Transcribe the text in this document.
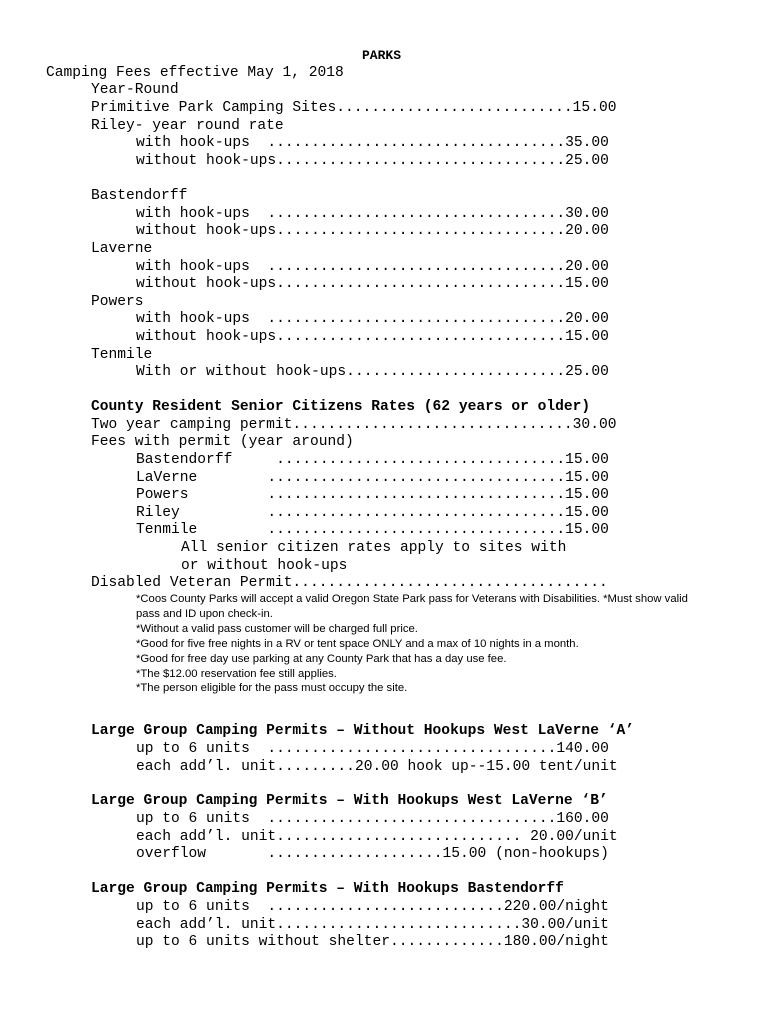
PARKS
Camping Fees effective May 1, 2018
Year-Round
Primitive Park Camping Sites...........................15.00
Riley- year round rate
with hook-ups  ..................................35.00
without hook-ups.................................25.00
Bastendorff
with hook-ups  ..................................30.00
without hook-ups.................................20.00
Laverne
with hook-ups  ..................................20.00
without hook-ups.................................15.00
Powers
with hook-ups  ..................................20.00
without hook-ups.................................15.00
Tenmile
With or without hook-ups.........................25.00
County Resident Senior Citizens Rates (62 years or older)
Two year camping permit................................30.00
Fees with permit (year around)
Bastendorff     .................................15.00
LaVerne        ..................................15.00
Powers         ..................................15.00
Riley          ..................................15.00
Tenmile        ..................................15.00
All senior citizen rates apply to sites with
or without hook-ups
Disabled Veteran Permit....................................
*Coos County Parks will accept a valid Oregon State Park pass for Veterans with Disabilities. *Must show valid pass and ID upon check-in.
*Without a valid pass customer will be charged full price.
*Good for five free nights in a RV or tent space ONLY and a max of 10 nights in a month.
*Good for free day use parking at any County Park that has a day use fee.
*The $12.00 reservation fee still applies.
*The person eligible for the pass must occupy the site.
Large Group Camping Permits – Without Hookups West LaVerne ‘A’
up to 6 units  .................................140.00
each add’l. unit.........20.00 hook up--15.00 tent/unit
Large Group Camping Permits – With Hookups West LaVerne ‘B’
up to 6 units  .................................160.00
each add’l. unit............................ 20.00/unit
overflow       ....................15.00 (non-hookups)
Large Group Camping Permits – With Hookups Bastendorff
up to 6 units  ...........................220.00/night
each add’l. unit............................30.00/unit
up to 6 units without shelter.............180.00/night
